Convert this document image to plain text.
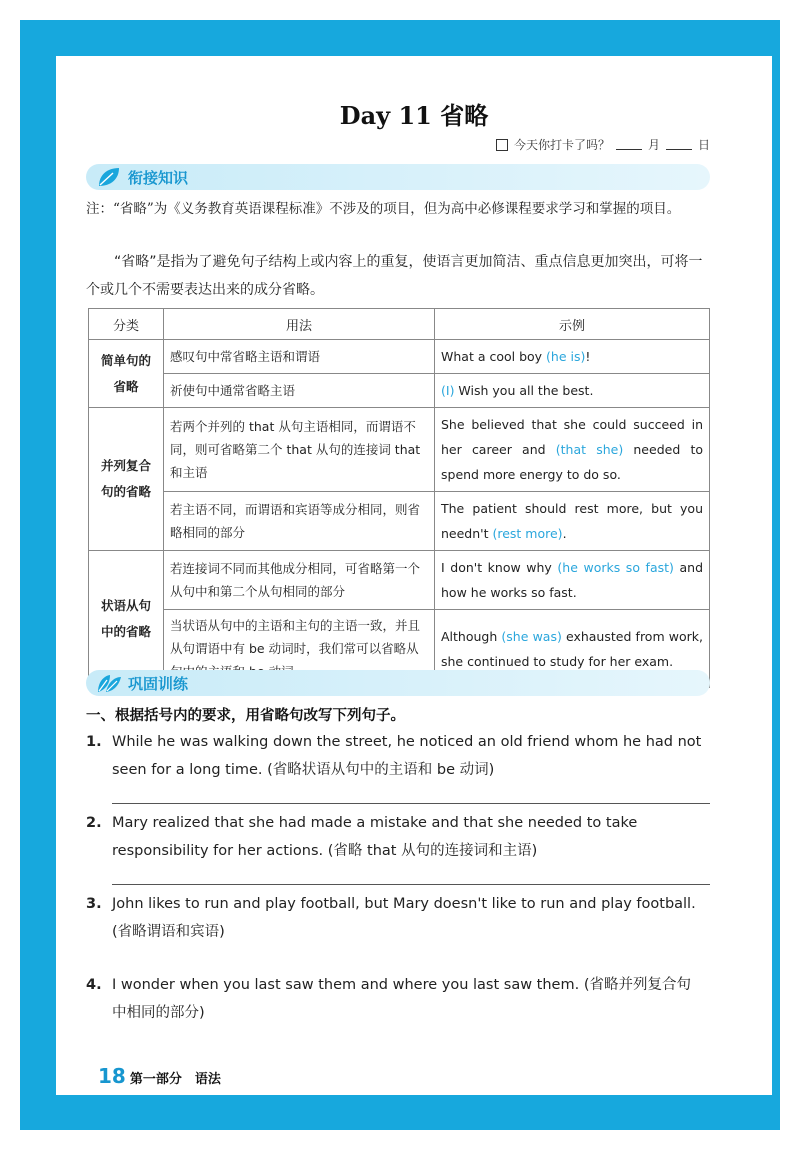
Day 11 省略
今天你打卡了吗？	月	日
衔接知识
注：“省略”为《义务教育英语课程标准》不涉及的项目，但为高中必修课程要求学习和掌握的项目。
“省略”是指为了避免句子结构上或内容上的重复，使语言更加简洁、重点信息更加突出，可将一个或几个不需要表达出来的成分省略。
分类	用法	示例
简单句的省略	感叹句中常省略主语和谓语	What a cool boy (he is)!
	祈使句中通常省略主语	(I) Wish you all the best.
并列复合句的省略	若两个并列的 that 从句主语相同，而谓语不同，则可省略第二个 that 从句的连接词 that 和主语	She believed that she could succeed in her career and (that she) needed to spend more energy to do so.
	若主语不同，而谓语和宾语等成分相同，则省略相同的部分	The patient should rest more, but you needn't (rest more).
状语从句中的省略	若连接词不同而其他成分相同，可省略第一个从句中和第二个从句相同的部分	I don't know why (he works so fast) and how he works so fast.
	当状语从句中的主语和主句的主语一致，并且从句谓语中有 be 动词时，我们常可以省略从	Although (she was) exhausted from work, she continued to study for her exam.
巩固训练
一、根据括号内的要求，用省略句改写下列句子。
1. While he was walking down the street, he noticed an old friend whom he had not
seen for a long time. (省略状语从句中的主语和 be 动词)
2. Mary realized that she had made a mistake and that she needed to take
responsibility for her actions. (省略 that 从句的连接词和主语)
3. John likes to run and play football, but Mary doesn't like to run and play football.
(省略谓语和宾语)
4. I wonder when you last saw them and where you last saw them. (省略并列复合句
中相同的部分)
18 第一部分　语法
